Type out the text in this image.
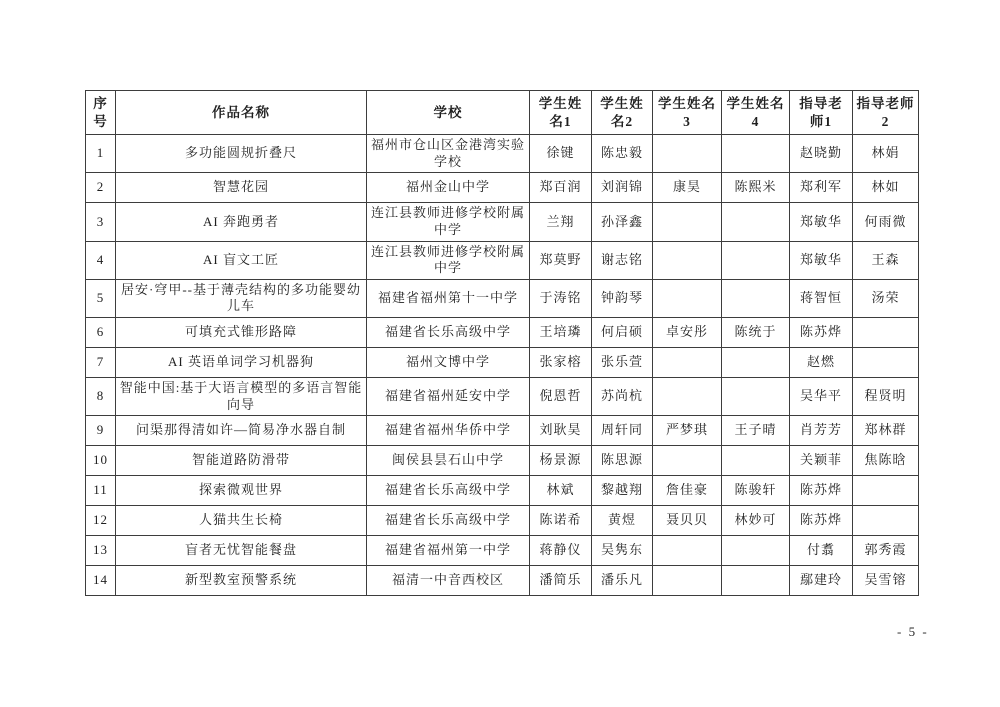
序号	作品名称	学校	学生姓名1	学生姓名2	学生姓名3	学生姓名4	指导老师1	指导老师2
1	多功能圆规折叠尺	福州市仓山区金港湾实验学校	徐键	陈忠毅			赵晓勤	林娟
2	智慧花园	福州金山中学	郑百润	刘润锦	康昊	陈熙米	郑利军	林如
3	AI 奔跑勇者	连江县教师进修学校附属中学	兰翔	孙泽鑫			郑敏华	何雨微
4	AI 盲文工匠	连江县教师进修学校附属中学	郑莫野	谢志铭			郑敏华	王森
5	居安·穹甲--基于薄壳结构的多功能婴幼儿车	福建省福州第十一中学	于涛铭	钟韵琴			蒋智恒	汤荣
6	可填充式锥形路障	福建省长乐高级中学	王培璘	何启硕	卓安彤	陈统于	陈苏烨	
7	AI 英语单词学习机器狗	福州文博中学	张家榕	张乐萱			赵燃	
8	智能中国:基于大语言模型的多语言智能向导	福建省福州延安中学	倪恩哲	苏尚杭			吴华平	程贤明
9	问渠那得清如许—简易净水器自制	福建省福州华侨中学	刘耿昊	周轩同	严梦琪	王子晴	肖芳芳	郑林群
10	智能道路防滑带	闽侯县昙石山中学	杨景源	陈思源			关颖菲	焦陈晗
11	探索微观世界	福建省长乐高级中学	林斌	黎越翔	詹佳豪	陈骏轩	陈苏烨	
12	人猫共生长椅	福建省长乐高级中学	陈诺希	黄煜	聂贝贝	林妙可	陈苏烨	
13	盲者无忧智能餐盘	福建省福州第一中学	蒋静仪	吴隽东			付翥	郭秀霞
14	新型教室预警系统	福清一中音西校区	潘简乐	潘乐凡			鄢建玲	吴雪镕
- 5 -
